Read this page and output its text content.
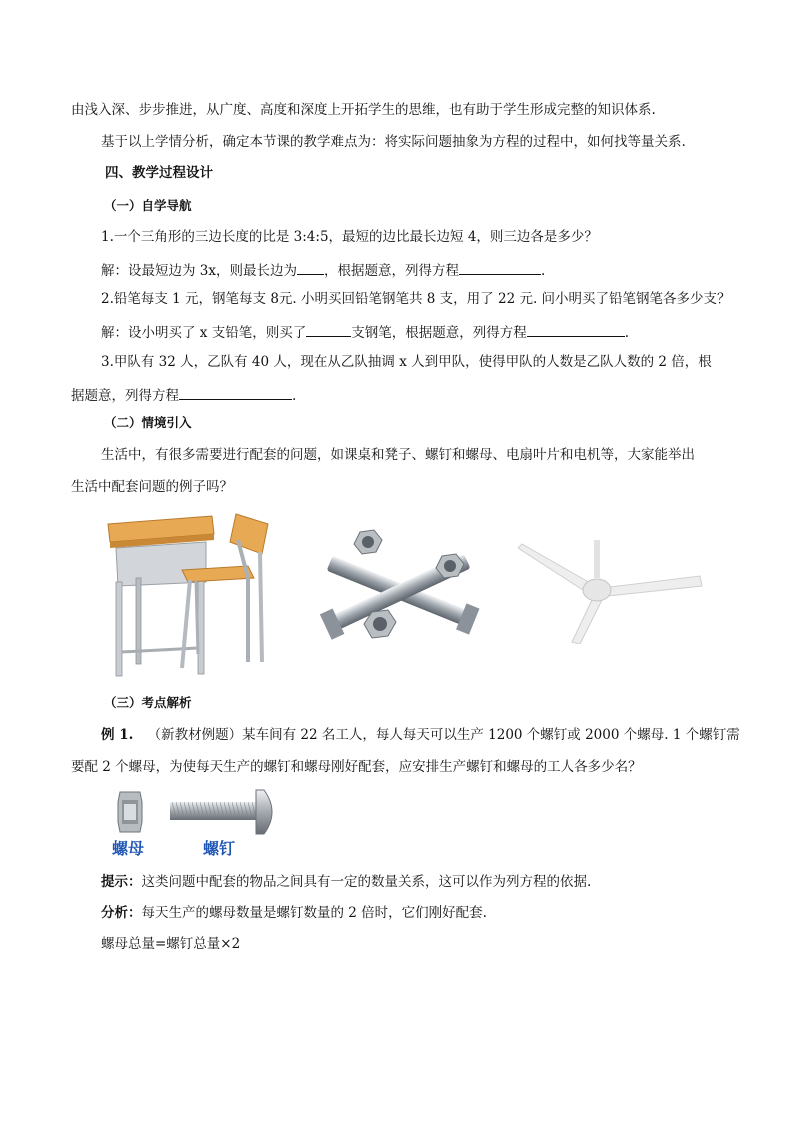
由浅入深、步步推进，从广度、高度和深度上开拓学生的思维，也有助于学生形成完整的知识体系.
基于以上学情分析，确定本节课的教学难点为：将实际问题抽象为方程的过程中，如何找等量关系.
四、教学过程设计
（一）自学导航
1.一个三角形的三边长度的比是 3:4:5，最短的边比最长边短 4，则三边各是多少？
解：设最短边为 3x，则最长边为 ，根据题意，列得方程	.
2.铅笔每支 1 元，钢笔每支 8元. 小明买回铅笔钢笔共 8 支，用了 22 元. 问小明买了铅笔钢笔各多少支？
解：设小明买了 x 支铅笔，则买了	支钢笔，根据题意，列得方程	.
3.甲队有 32 人，乙队有 40 人，现在从乙队抽调 x 人到甲队，使得甲队的人数是乙队人数的 2 倍，根
据题意，列得方程	.
（二）情境引入
生活中，有很多需要进行配套的问题，如课桌和凳子、螺钉和螺母、电扇叶片和电机等，大家能举出
生活中配套问题的例子吗？
（三）考点解析
例 1. （新教材例题）某车间有 22 名工人，每人每天可以生产 1200 个螺钉或 2000 个螺母. 1 个螺钉需
要配 2 个螺母，为使每天生产的螺钉和螺母刚好配套，应安排生产螺钉和螺母的工人各多少名？
螺母	螺钉
提示：这类问题中配套的物品之间具有一定的数量关系，这可以作为列方程的依据.
分析：每天生产的螺母数量是螺钉数量的 2 倍时，它们刚好配套.
螺母总量=螺钉总量×2
